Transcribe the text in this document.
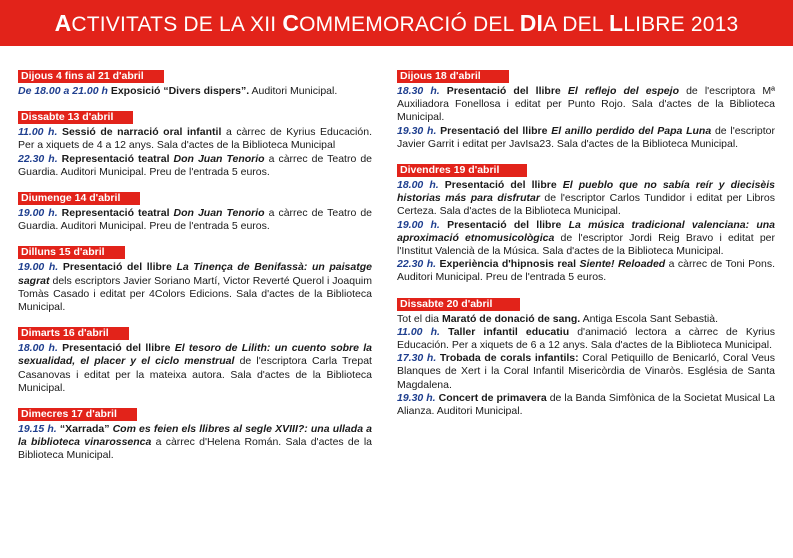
ACTIVITATS DE LA XII COMMEMORACIÓ DEL DIA DEL LLIBRE 2013
Dijous 4 fins al 21 d'abril
De 18.00 a 21.00 h Exposició “Divers dispers”. Auditori Municipal.
Dissabte 13 d'abril
11.00 h. Sessió de narració oral infantil a càrrec de Kyrius Educación. Per a xiquets de 4 a 12 anys. Sala d'actes de la Biblioteca Municipal
22.30 h. Representació teatral Don Juan Tenorio a càrrec de Teatro de Guardia. Auditori Municipal. Preu de l'entrada 5 euros.
Diumenge 14 d'abril
19.00 h. Representació teatral Don Juan Tenorio a càrrec de Teatro de Guardia. Auditori Municipal. Preu de l'entrada 5 euros.
Dilluns 15 d'abril
19.00 h. Presentació del llibre La Tinença de Benifassà: un paisatge sagrat dels escriptors Javier Soriano Martí, Victor Reverté Querol i Joaquim Tomàs Casado i editat per 4Colors Edicions. Sala d'actes de la Biblioteca Municipal.
Dimarts 16 d'abril
18.00 h. Presentació del llibre El tesoro de Lilith: un cuento sobre la sexualidad, el placer y el ciclo menstrual de l'escriptora Carla Trepat Casanovas i editat per la mateixa autora. Sala d'actes de la Biblioteca Municipal.
Dimecres 17 d'abril
19.15 h. “Xarrada” Com es feien els llibres al segle XVIII?: una ullada a la biblioteca vinarossenca a càrrec d'Helena Román. Sala d'actes de la Biblioteca Municipal.
Dijous 18 d'abril
18.30 h. Presentació del llibre El reflejo del espejo de l'escriptora Mª Auxiliadora Fonellosa i editat per Punto Rojo. Sala d'actes de la Biblioteca Municipal.
19.30 h. Presentació del llibre El anillo perdido del Papa Luna de l'escriptor Javier Garrit i editat per JavIsa23. Sala d'actes de la Biblioteca Municipal.
Divendres 19 d'abril
18.00 h. Presentació del llibre El pueblo que no sabía reír y diecisèis historias más para disfrutar de l'escriptor Carlos Tundidor i editat per Libros Certeza. Sala d'actes de la Biblioteca Municipal.
19.00 h. Presentació del llibre La música tradicional valenciana: una aproximació etnomusicològica de l'escriptor Jordi Reig Bravo i editat per l'Institut Valencià de la Música. Sala d'actes de la Biblioteca Municipal.
22.30 h. Experiència d'hipnosis real Siente! Reloaded a càrrec de Toni Pons. Auditori Municipal. Preu de l'entrada 5 euros.
Dissabte 20 d'abril
Tot el dia Marató de donació de sang. Antiga Escola Sant Sebastià.
11.00 h. Taller infantil educatiu d'animació lectora a càrrec de Kyrius Educación. Per a xiquets de 6 a 12 anys. Sala d'actes de la Biblioteca Municipal.
17.30 h. Trobada de corals infantils: Coral Petiquillo de Benicarló, Coral Veus Blanques de Xert i la Coral Infantil Misericòrdia de Vinaròs. Església de Santa Magdalena.
19.30 h. Concert de primavera de la Banda Simfònica de la Societat Musical La Alianza. Auditori Municipal.
